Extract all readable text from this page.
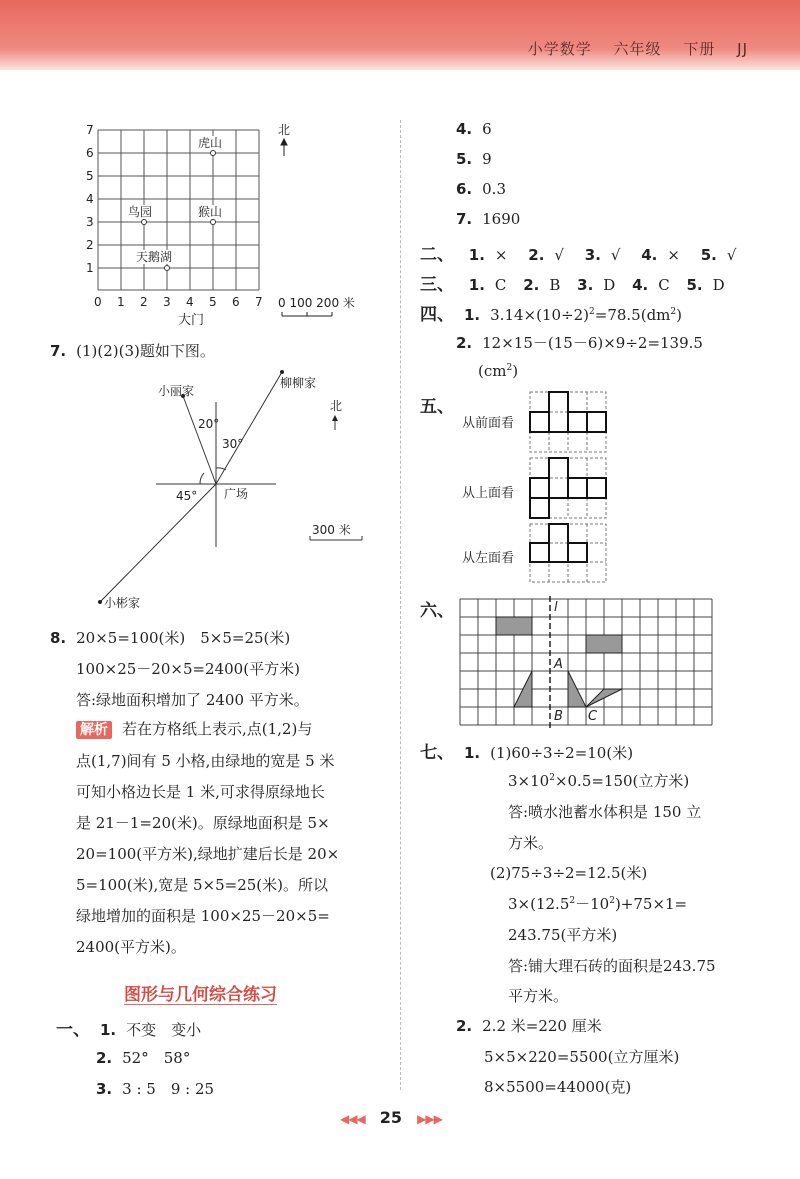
小学数学 六年级 下册 JJ
1
2
3
4
5
6
7
0 1 2 3 4 5 6 7
虎山
鸟园	猴山
天鹅湖
大门
北
0 100 200 米
7. (1)(2)(3)题如下图。
小丽家
柳柳家
小彬家
广场
20°
30°
45°
北
300 米
8. 20×5=100(米)　5×5=25(米)
100×25－20×5=2400(平方米)
答:绿地面积增加了 2400 平方米。
解析 若在方格纸上表示,点(1,2)与
点(1,7)间有 5 小格,由绿地的宽是 5 米
可知小格边长是 1 米,可求得原绿地长
是 21－1=20(米)。原绿地面积是 5×
20=100(平方米),绿地扩建后长是 20×
5=100(米),宽是 5×5=25(米)。所以
绿地增加的面积是 100×25－20×5=
2400(平方米)。
图形与几何综合练习
一、 1. 不变　变小
2. 52°　58°
3. 3 : 5　9 : 25
4. 6
5. 9
6. 0.3
7. 1690
二、 1. × 2. √ 3. √ 4. × 5. √
三、 1. C 2. B 3. D 4. C 5. D
四、 1. $3.14\times(10\div 2)^2=78.5(dm^2)$
2. 12×15－(15－6)×9÷2=139.5
$(cm^2)$
五、
从前面看
从上面看
从左面看
六、	l
A
B C
七、 1. (1)60÷3÷2=10(米)
$3\times 10^2\times 0.5=150$(立方米)
答:喷水池蓄水体积是 150 立
方米。
(2)75÷3÷2=12.5(米)
$3\times(12.5^2-10^2)+75\times 1=$
243.75(平方米)
答:铺大理石砖的面积是243.75
平方米。
2. 2.2 米=220 厘米
5×5×220=5500(立方厘米)
8×5500=44000(克)
◀◀◀ 25 ▶▶▶
